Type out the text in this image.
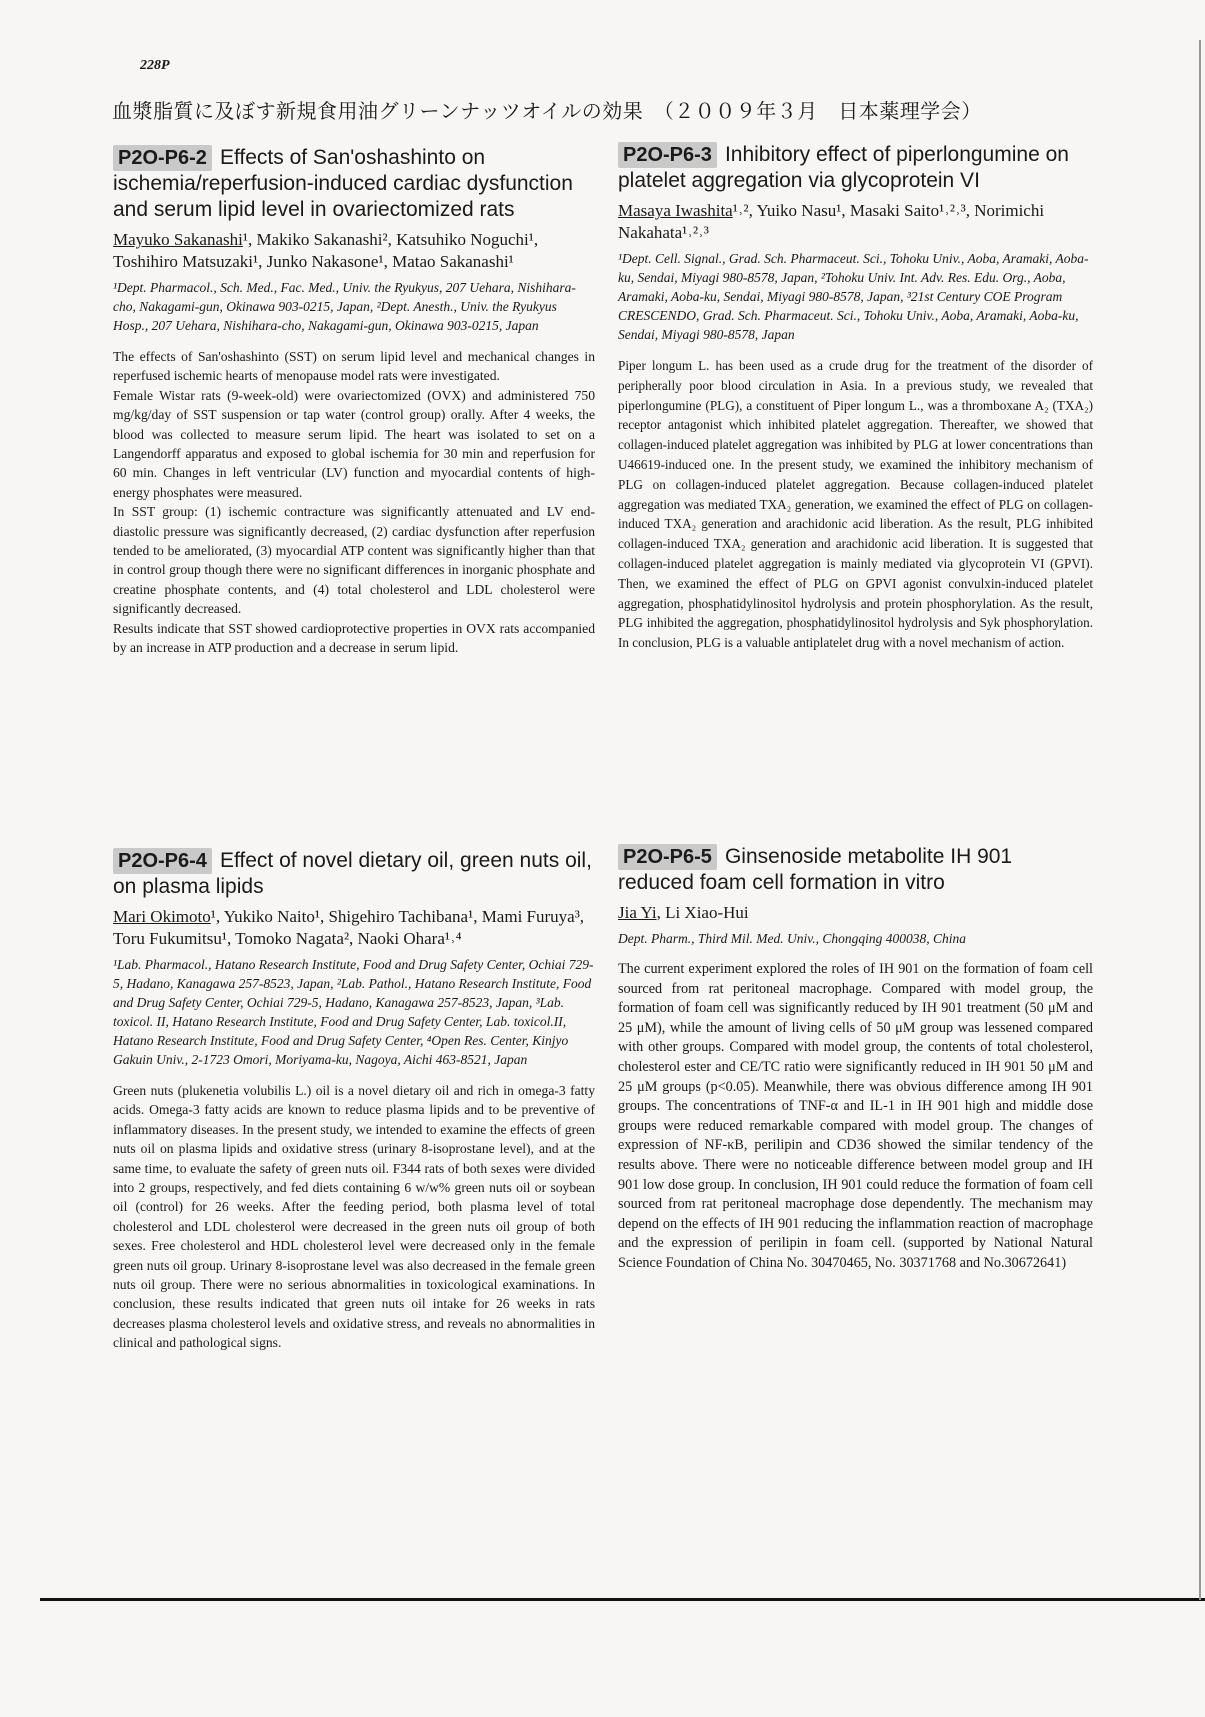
228P
血漿脂質に及ぼす新規食用油グリーンナッツオイルの効果　（２００９年３月　日本薬理学会）
P2O-P6-2 Effects of San'oshashinto on ischemia/reperfusion-induced cardiac dysfunction and serum lipid level in ovariectomized rats
Mayuko Sakanashi¹, Makiko Sakanashi², Katsuhiko Noguchi¹, Toshihiro Matsuzaki¹, Junko Nakasone¹, Matao Sakanashi¹
¹Dept. Pharmacol., Sch. Med., Fac. Med., Univ. the Ryukyus, 207 Uehara, Nishihara-cho, Nakagami-gun, Okinawa 903-0215, Japan, ²Dept. Anesth., Univ. the Ryukyus Hosp., 207 Uehara, Nishihara-cho, Nakagami-gun, Okinawa 903-0215, Japan

The effects of San'oshashinto (SST) on serum lipid level and mechanical changes in reperfused ischemic hearts of menopause model rats were investigated.

Female Wistar rats (9-week-old) were ovariectomized (OVX) and administered 750 mg/kg/day of SST suspension or tap water (control group) orally. After 4 weeks, the blood was collected to measure serum lipid. The heart was isolated to set on a Langendorff apparatus and exposed to global ischemia for 30 min and reperfusion for 60 min. Changes in left ventricular (LV) function and myocardial contents of high-energy phosphates were measured.

In SST group: (1) ischemic contracture was significantly attenuated and LV end-diastolic pressure was significantly decreased, (2) cardiac dysfunction after reperfusion tended to be ameliorated, (3) myocardial ATP content was significantly higher than that in control group though there were no significant differences in inorganic phosphate and creatine phosphate contents, and (4) total cholesterol and LDL cholesterol were significantly decreased.

Results indicate that SST showed cardioprotective properties in OVX rats accompanied by an increase in ATP production and a decrease in serum lipid.

P2O-P6-3 Inhibitory effect of piperlongumine on platelet aggregation via glycoprotein VI
Masaya Iwashita¹˒², Yuiko Nasu¹, Masaki Saito¹˒²˒³, Norimichi Nakahata¹˒²˒³
¹Dept. Cell. Signal., Grad. Sch. Pharmaceut. Sci., Tohoku Univ., Aoba, Aramaki, Aoba-ku, Sendai, Miyagi 980-8578, Japan, ²Tohoku Univ. Int. Adv. Res. Edu. Org., Aoba, Aramaki, Aoba-ku, Sendai, Miyagi 980-8578, Japan, ³21st Century COE Program CRESCENDO, Grad. Sch. Pharmaceut. Sci., Tohoku Univ., Aoba, Aramaki, Aoba-ku, Sendai, Miyagi 980-8578, Japan

Piper longum L. has been used as a crude drug for the treatment of the disorder of peripherally poor blood circulation in Asia. In a previous study, we revealed that piperlongumine (PLG), a constituent of Piper longum L., was a thromboxane A₂ (TXA₂) receptor antagonist which inhibited platelet aggregation. Thereafter, we showed that collagen-induced platelet aggregation was inhibited by PLG at lower concentrations than U46619-induced one. In the present study, we examined the inhibitory mechanism of PLG on collagen-induced platelet aggregation. Because collagen-induced platelet aggregation was mediated TXA₂ generation, we examined the effect of PLG on collagen-induced TXA₂ generation and arachidonic acid liberation. As the result, PLG inhibited collagen-induced TXA₂ generation and arachidonic acid liberation. It is suggested that collagen-induced platelet aggregation is mainly mediated via glycoprotein VI (GPVI). Then, we examined the effect of PLG on GPVI agonist convulxin-induced platelet aggregation, phosphatidylinositol hydrolysis and protein phosphorylation. As the result, PLG inhibited the aggregation, phosphatidylinositol hydrolysis and Syk phosphorylation. In conclusion, PLG is a valuable antiplatelet drug with a novel mechanism of action.

P2O-P6-4 Effect of novel dietary oil, green nuts oil, on plasma lipids
Mari Okimoto¹, Yukiko Naito¹, Shigehiro Tachibana¹, Mami Furuya³, Toru Fukumitsu¹, Tomoko Nagata², Naoki Ohara¹˒⁴
¹Lab. Pharmacol., Hatano Research Institute, Food and Drug Safety Center, Ochiai 729-5, Hadano, Kanagawa 257-8523, Japan, ²Lab. Pathol., Hatano Research Institute, Food and Drug Safety Center, Ochiai 729-5, Hadano, Kanagawa 257-8523, Japan, ³Lab. toxicol. II, Hatano Research Institute, Food and Drug Safety Center, Lab. toxicol.II, Hatano Research Institute, Food and Drug Safety Center, ⁴Open Res. Center, Kinjyo Gakuin Univ., 2-1723 Omori, Moriyama-ku, Nagoya, Aichi 463-8521, Japan

Green nuts (plukenetia volubilis L.) oil is a novel dietary oil and rich in omega-3 fatty acids. Omega-3 fatty acids are known to reduce plasma lipids and to be preventive of inflammatory diseases. In the present study, we intended to examine the effects of green nuts oil on plasma lipids and oxidative stress (urinary 8-isoprostane level), and at the same time, to evaluate the safety of green nuts oil. F344 rats of both sexes were divided into 2 groups, respectively, and fed diets containing 6 w/w% green nuts oil or soybean oil (control) for 26 weeks. After the feeding period, both plasma level of total cholesterol and LDL cholesterol were decreased in the green nuts oil group of both sexes. Free cholesterol and HDL cholesterol level were decreased only in the female green nuts oil group. Urinary 8-isoprostane level was also decreased in the female green nuts oil group. There were no serious abnormalities in toxicological examinations. In conclusion, these results indicated that green nuts oil intake for 26 weeks in rats decreases plasma cholesterol levels and oxidative stress, and reveals no abnormalities in clinical and pathological signs.

P2O-P6-5 Ginsenoside metabolite IH 901 reduced foam cell formation in vitro
Jia Yi, Li Xiao-Hui
Dept. Pharm., Third Mil. Med. Univ., Chongqing 400038, China

The current experiment explored the roles of IH 901 on the formation of foam cell sourced from rat peritoneal macrophage. Compared with model group, the formation of foam cell was significantly reduced by IH 901 treatment (50 μM and 25 μM), while the amount of living cells of 50 μM group was lessened compared with other groups. Compared with model group, the contents of total cholesterol, cholesterol ester and CE/TC ratio were significantly reduced in IH 901 50 μM and 25 μM groups (p<0.05). Meanwhile, there was obvious difference among IH 901 groups. The concentrations of TNF-α and IL-1 in IH 901 high and middle dose groups were reduced remarkable compared with model group. The changes of expression of NF-κB, perilipin and CD36 showed the similar tendency of the results above. There were no noticeable difference between model group and IH 901 low dose group. In conclusion, IH 901 could reduce the formation of foam cell sourced from rat peritoneal macrophage dose dependently. The mechanism may depend on the effects of IH 901 reducing the inflammation reaction of macrophage and the expression of perilipin in foam cell. (supported by National Natural Science Foundation of China No. 30470465, No. 30371768 and No.30672641)
